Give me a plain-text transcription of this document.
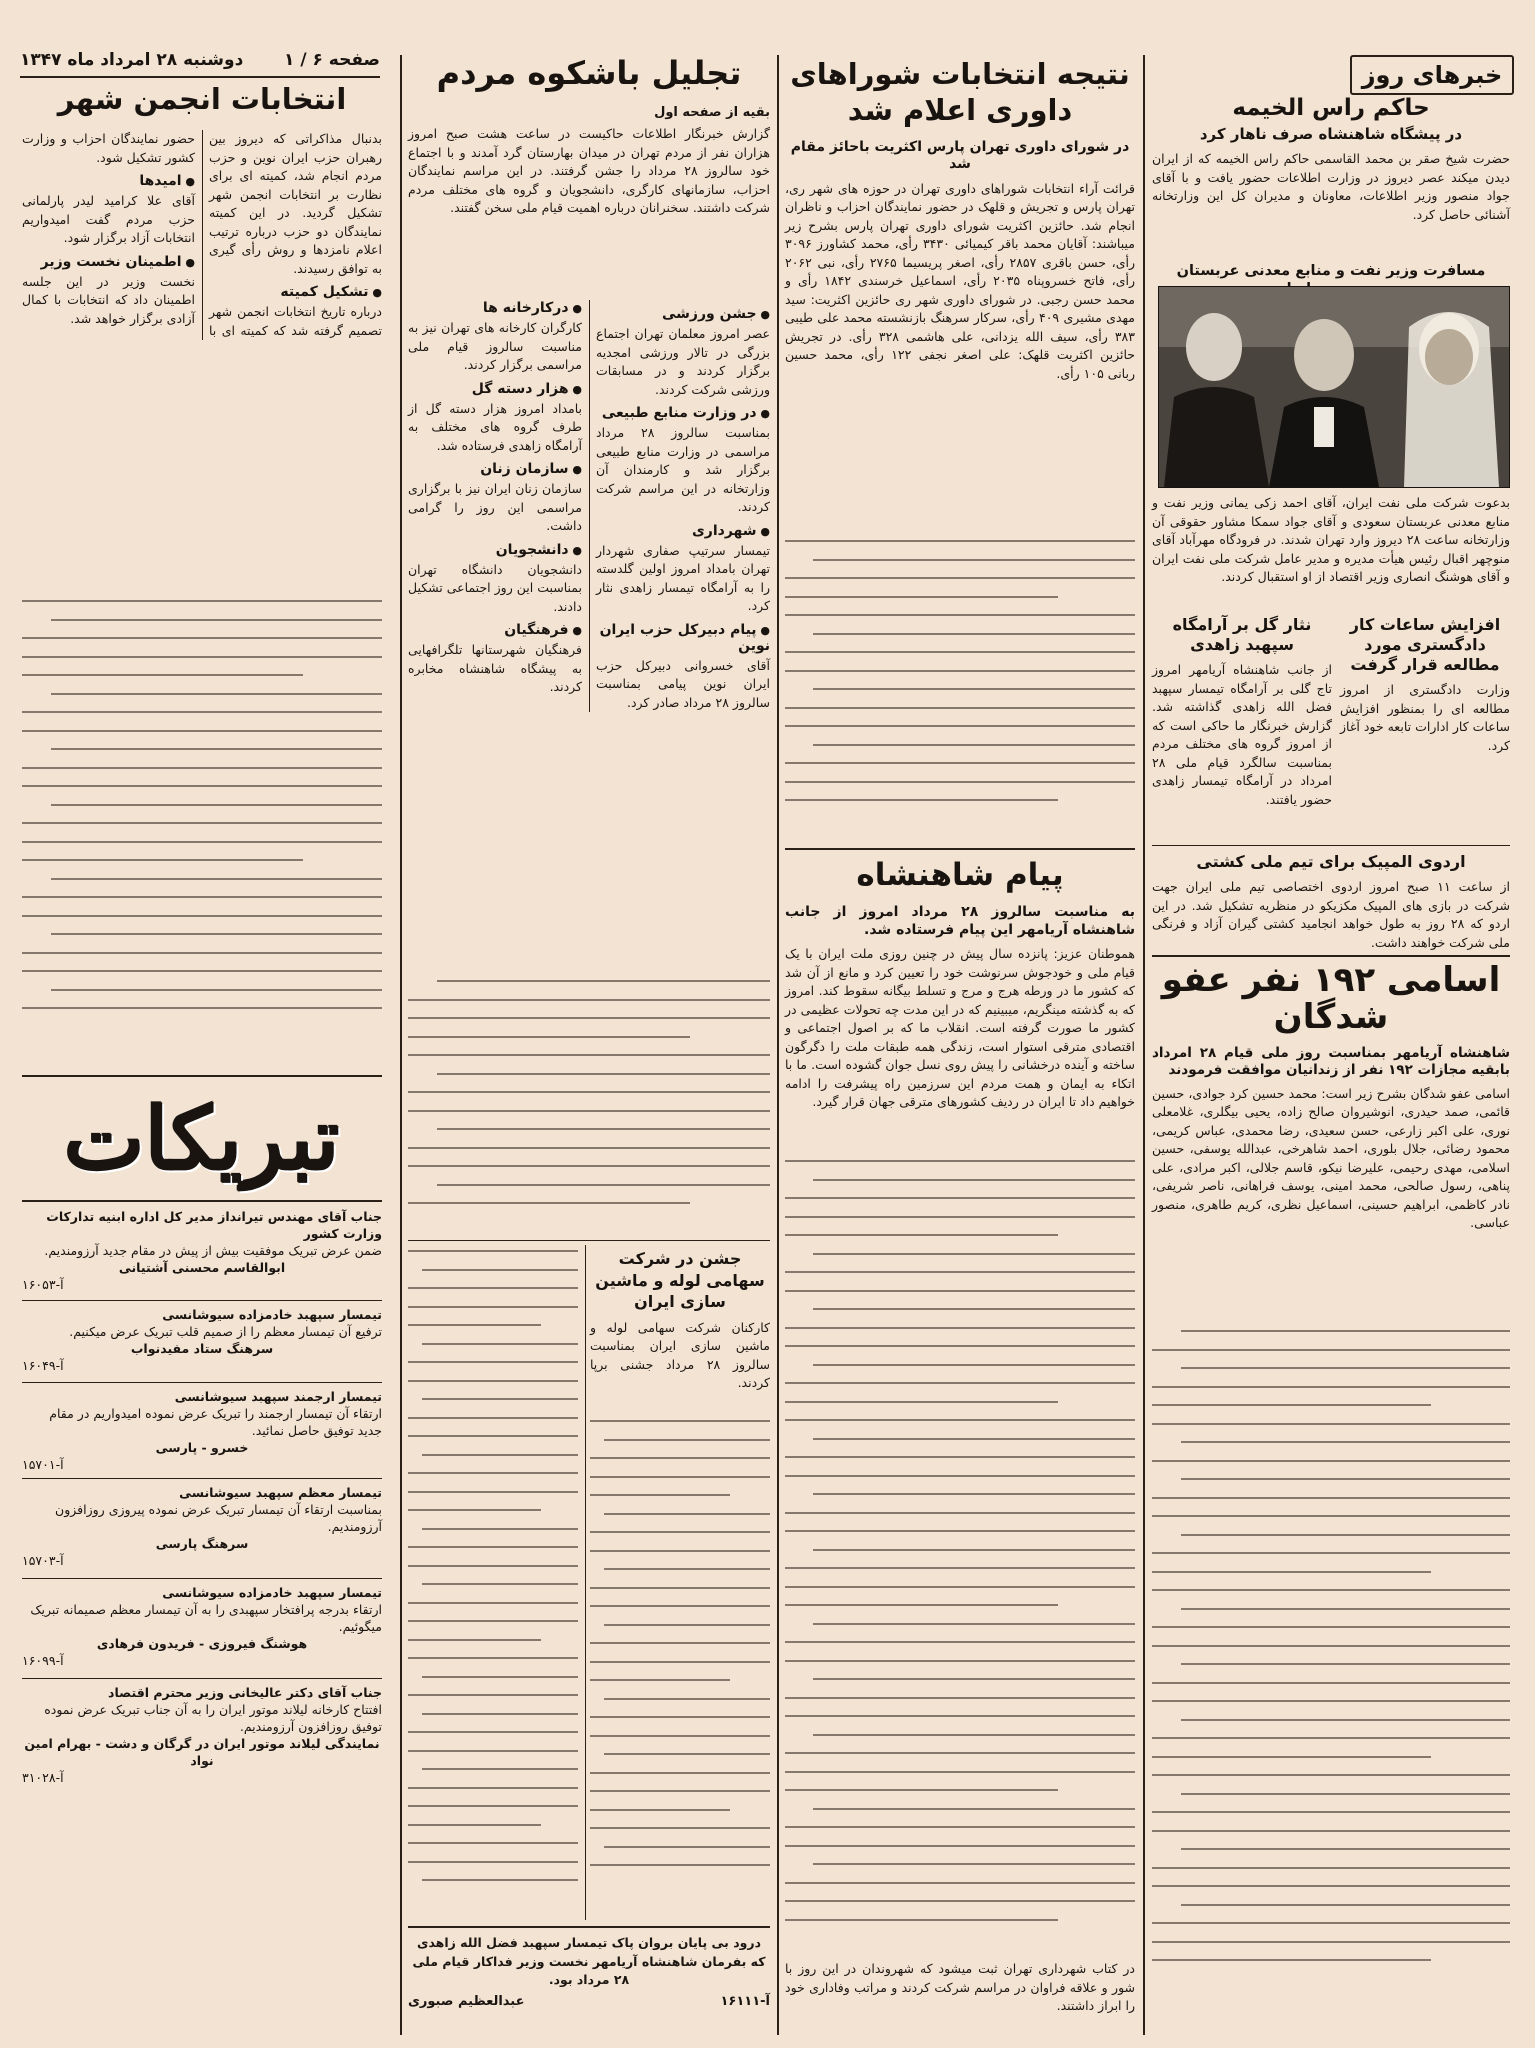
صفحه ۶ / ۱
دوشنبه ۲۸ امرداد ماه ۱۳۴۷
خبرهای روز
حاکم راس الخیمه
در پیشگاه شاهنشاه صرف ناهار کرد
حضرت شیخ صقر بن محمد القاسمی حاکم راس الخیمه که از ایران دیدن میکند عصر دیروز در وزارت اطلاعات حضور یافت و با آقای جواد منصور وزیر اطلاعات، معاونان و مدیران کل این وزارتخانه آشنائی حاصل کرد.
مسافرت وزیر نفت و منابع معدنی عربستان
بدعوت شرکت ملی نفت ایران، آقای احمد زکی یمانی وزیر نفت و منابع معدنی عربستان سعودی و آقای جواد سمکا مشاور حقوقی آن وزارتخانه ساعت ۲۸ دیروز وارد تهران شدند. در فرودگاه مهرآباد آقای منوچهر اقبال رئیس هیأت مدیره و مدیر عامل شرکت ملی نفت ایران و آقای هوشنگ انصاری وزیر اقتصاد از او استقبال کردند.
افزایش ساعات کار دادگستری مورد مطالعه قرار گرفت
وزارت دادگستری از امروز مطالعه ای را بمنظور افزایش ساعات کار ادارات تابعه خود آغاز کرد.
نثار گل بر آرامگاه سپهبد زاهدی
از جانب شاهنشاه آریامهر امروز تاج گلی بر آرامگاه تیمسار سپهبد فضل الله زاهدی گذاشته شد. گزارش خبرنگار ما حاکی است که از امروز گروه های مختلف مردم بمناسبت سالگرد قیام ملی ۲۸ امرداد در آرامگاه تیمسار زاهدی حضور یافتند.
اردوی المپیک برای تیم ملی کشتی
از ساعت ۱۱ صبح امروز اردوی اختصاصی تیم ملی ایران جهت شرکت در بازی های المپیک مکزیکو در منظریه تشکیل شد. در این اردو که ۲۸ روز به طول خواهد انجامید کشتی گیران آزاد و فرنگی ملی شرکت خواهند داشت.
اسامی ۱۹۲ نفر عفو شدگان
شاهنشاه آریامهر بمناسبت روز ملی قیام ۲۸ امرداد بابقیه مجازات ۱۹۲ نفر از زندانیان موافقت فرمودند
اسامی عفو شدگان بشرح زیر است: محمد حسین کرد جوادی، حسین قائمی، صمد حیدری، انوشیروان صالح زاده، یحیی بیگلری، غلامعلی نوری، علی اکبر زارعی، حسن سعیدی، رضا محمدی، عباس کریمی، محمود رضائی، جلال بلوری، احمد شاهرخی، عبدالله یوسفی، حسین اسلامی، مهدی رحیمی، علیرضا نیکو، قاسم جلالی، اکبر مرادی، علی پناهی، رسول صالحی، محمد امینی، یوسف فراهانی، ناصر شریفی، نادر کاظمی، ابراهیم حسینی، اسماعیل نظری، کریم طاهری، منصور عباسی.
نتیجه انتخابات شوراهای داوری اعلام شد
در شورای داوری تهران پارس اکثریت باحائز مقام شد
قرائت آراء انتخابات شوراهای داوری تهران در حوزه های شهر ری، تهران پارس و تجریش و قلهک در حضور نمایندگان احزاب و ناظران انجام شد. حائزین اکثریت شورای داوری تهران پارس بشرح زیر میباشند: آقایان محمد باقر کیمیائی ۳۴۳۰ رأی، محمد کشاورز ۳۰۹۶ رأی، حسن باقری ۲۸۵۷ رأی، اصغر پریسیما ۲۷۶۵ رأی، نبی ۲۰۶۲ رأی، فاتح خسروپناه ۲۰۳۵ رأی، اسماعیل خرسندی ۱۸۴۲ رأی و محمد حسن رجبی. در شورای داوری شهر ری حائزین اکثریت: سید مهدی مشیری ۴۰۹ رأی، سرکار سرهنگ بازنشسته محمد علی طیبی ۳۸۳ رأی، سیف الله یزدانی، علی هاشمی ۳۲۸ رأی. در تجریش حائزین اکثریت قلهک: علی اصغر نجفی ۱۲۲ رأی، محمد حسین ربانی ۱۰۵ رأی.
پیام شاهنشاه
به مناسبت سالروز ۲۸ مرداد امروز از جانب شاهنشاه آریامهر این پیام فرستاده شد.
هموطنان عزیز: پانزده سال پیش در چنین روزی ملت ایران با یک قیام ملی و خودجوش سرنوشت خود را تعیین کرد و مانع از آن شد که کشور ما در ورطه هرج و مرج و تسلط بیگانه سقوط کند. امروز که به گذشته مینگریم، میبینیم که در این مدت چه تحولات عظیمی در کشور ما صورت گرفته است. انقلاب ما که بر اصول اجتماعی و اقتصادی مترقی استوار است، زندگی همه طبقات ملت را دگرگون ساخته و آینده درخشانی را پیش روی نسل جوان گشوده است. ما با اتکاء به ایمان و همت مردم این سرزمین راه پیشرفت را ادامه خواهیم داد تا ایران در ردیف کشورهای مترقی جهان قرار گیرد.
تجلیل باشکوه مردم
بقیه از صفحه اول
گزارش خبرنگار اطلاعات حاکیست در ساعت هشت صبح امروز هزاران نفر از مردم تهران در میدان بهارستان گرد آمدند و با اجتماع خود سالروز ۲۸ مرداد را جشن گرفتند. در این مراسم نمایندگان احزاب، سازمانهای کارگری، دانشجویان و گروه های مختلف مردم شرکت داشتند. سخنرانان درباره اهمیت قیام ملی سخن گفتند.
● جشن ورزشی
عصر امروز معلمان تهران اجتماع بزرگی در تالار ورزشی امجدیه برگزار کردند و در مسابقات ورزشی شرکت کردند.
● در وزارت منابع طبیعی
بمناسبت سالروز ۲۸ مرداد مراسمی در وزارت منابع طبیعی برگزار شد و کارمندان آن وزارتخانه در این مراسم شرکت کردند.
● شهرداری
تیمسار سرتیپ صفاری شهردار تهران بامداد امروز اولین گلدسته را به آرامگاه تیمسار زاهدی نثار کرد.
● پیام دبیرکل حزب ایران نوین
آقای خسروانی دبیرکل حزب ایران نوین پیامی بمناسبت سالروز ۲۸ مرداد صادر کرد.
● درکارخانه ها
کارگران کارخانه های تهران نیز به مناسبت سالروز قیام ملی مراسمی برگزار کردند.
● هزار دسته گل
بامداد امروز هزار دسته گل از طرف گروه های مختلف به آرامگاه زاهدی فرستاده شد.
● سازمان زنان
سازمان زنان ایران نیز با برگزاری مراسمی این روز را گرامی داشت.
● دانشجویان
دانشجویان دانشگاه تهران بمناسبت این روز اجتماعی تشکیل دادند.
● فرهنگیان
فرهنگیان شهرستانها تلگرافهایی به پیشگاه شاهنشاه مخابره کردند.
جشن در شرکت سهامی لوله و ماشین سازی ایران
کارکنان شرکت سهامی لوله و ماشین سازی ایران بمناسبت سالروز ۲۸ مرداد جشنی برپا کردند.
درود بی پایان بروان پاک تیمسار سپهبد فضل الله زاهدی که بفرمان شاهنشاه آریامهر نخست وزیر فداکار قیام ملی ۲۸ مرداد بود.
آ-۱۶۱۱۱
عبدالعظیم صبوری
در کتاب شهرداری تهران ثبت میشود که شهروندان در این روز با شور و علاقه فراوان در مراسم شرکت کردند و مراتب وفاداری خود را ابراز داشتند.
انتخابات انجمن شهر
بدنبال مذاکراتی که دیروز بین رهبران حزب ایران نوین و حزب مردم انجام شد، کمیته ای برای نظارت بر انتخابات انجمن شهر تشکیل گردید. در این کمیته نمایندگان دو حزب درباره ترتیب اعلام نامزدها و روش رأی گیری به توافق رسیدند.
● تشکیل کمیته
درباره تاریخ انتخابات انجمن شهر تصمیم گرفته شد که کمیته ای با حضور نمایندگان احزاب و وزارت کشور تشکیل شود.
● امیدها
آقای علا کرامید لیدر پارلمانی حزب مردم گفت امیدواریم انتخابات آزاد برگزار شود.
● اطمینان نخست وزیر
نخست وزیر در این جلسه اطمینان داد که انتخابات با کمال آزادی برگزار خواهد شد.
تبریکات
جناب آقای مهندس تیرانداز مدیر کل اداره ابنیه تدارکات وزارت کشور
ضمن عرض تبریک موفقیت بیش از پیش در مقام جدید آرزومندیم.
ابوالقاسم محسنی آشتیانی
آ-۱۶۰۵۳
تیمسار سپهبد خادمزاده سیوشانسی
ترفیع آن تیمسار معظم را از صمیم قلب تبریک عرض میکنیم.
سرهنگ ستاد مفیدنواب
آ-۱۶۰۴۹
تیمسار ارجمند سپهبد سیوشانسی
ارتقاء آن تیمسار ارجمند را تبریک عرض نموده امیدواریم در مقام جدید توفیق حاصل نمائید.
خسرو - پارسی
آ-۱۵۷۰۱
تیمسار معظم سپهبد سیوشانسی
بمناسبت ارتقاء آن تیمسار تبریک عرض نموده پیروزی روزافزون آرزومندیم.
سرهنگ پارسی
آ-۱۵۷۰۳
تیمسار سپهبد خادمزاده سیوشانسی
ارتقاء بدرجه پرافتخار سپهبدی را به آن تیمسار معظم صمیمانه تبریک میگوئیم.
هوشنگ فیروزی - فریدون فرهادی
آ-۱۶۰۹۹
جناب آقای دکتر عالیخانی وزیر محترم اقتصاد
افتتاح کارخانه لیلاند موتور ایران را به آن جناب تبریک عرض نموده توفیق روزافزون آرزومندیم.
نمایندگی لیلاند موتور ایران در گرگان و دشت - بهرام امین نواد
آ-۳۱۰۲۸
